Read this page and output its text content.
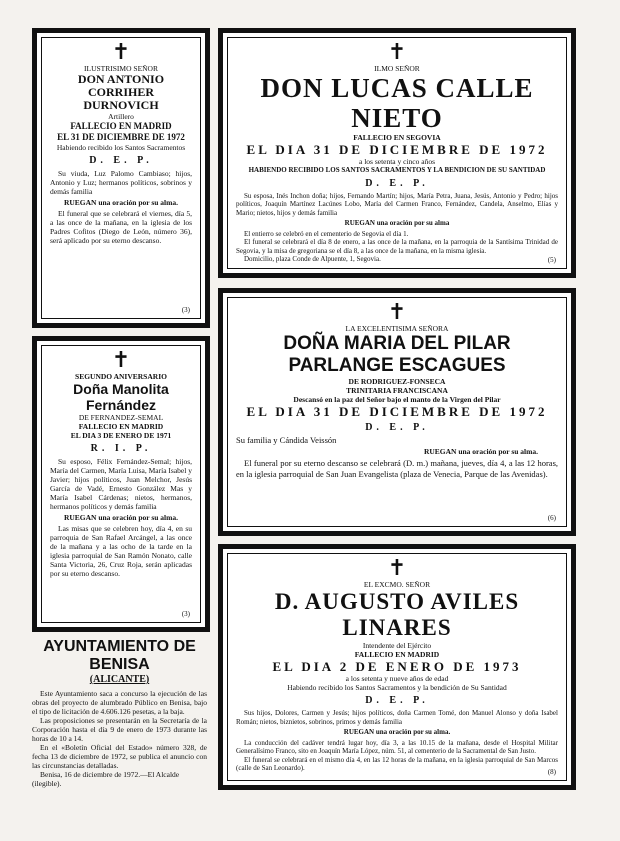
✝

ILUSTRISIMO SEÑOR

DON ANTONIO CORRIHER DURNOVICH

Artillero

FALLECIO EN MADRID

EL 31 DE DICIEMBRE DE 1972

Habiendo recibido los Santos Sacramentos

D. E. P.

Su viuda, Luz Palomo Cambiaso; hijos, Antonio y Luz; hermanos políticos, sobrinos y demás familia

RUEGAN una oración por su alma.

El funeral que se celebrará el viernes, día 5, a las once de la mañana, en la iglesia de los Padres Cofitos (Diego de León, número 36), será aplicado por su eterno descanso.

(3)
✝

ILMO SEÑOR

DON LUCAS CALLE NIETO

FALLECIO EN SEGOVIA

EL DIA 31 DE DICIEMBRE DE 1972

a los setenta y cinco años

HABIENDO RECIBIDO LOS SANTOS SACRAMENTOS Y LA BENDICION DE SU SANTIDAD

D. E. P.

Su esposa, Inés Inchon doña; hijos, Fernando Martín; hijos, María Petra, Juana, Jesús, Antonio y Pedro; hijos políticos, Joaquín Martínez Lacúnes Lobo, María del Carmen Franco, Fernández, Candela, Anselmo, Elías y Mario; nietos, hijos y demás familia

RUEGAN una oración por su alma

El entierro se celebró en el cementerio de Segovia el día 1.

El funeral se celebrará el día 8 de enero, a las once de la mañana, en la parroquia de la Santísima Trinidad de Segovia, y la misa de gregoriana se el día 8, a las once de la mañana, en la misma iglesia.

Domicilio, plaza Conde de Alpuente, 1, Segovia.	(5)
✝

SEGUNDO ANIVERSARIO

Doña Manolita Fernández

DE FERNANDEZ-SEMAL

FALLECIO EN MADRID

EL DIA 3 DE ENERO DE 1971

R. I. P.

Su esposo, Félix Fernández-Semal; hijos, María del Carmen, María Luisa, María Isabel y Javier; hijos políticos, Juan Melchor, Jesús García de Vadé, Ernesto González Mas y María Isabel Cárdenas; nietos, hermanos, hermanos políticos y demás familia

RUEGAN una oración por su alma.

Las misas que se celebren hoy, día 4, en su parroquia de San Rafael Arcángel, a las once de la mañana y a las ocho de la tarde en la iglesia parroquial de San Ramón Nonato, calle Santa Victoria, 26, Cruz Roja, serán aplicadas por su eterno descanso.

(3)
✝

LA EXCELENTISIMA SEÑORA

DOÑA MARIA DEL PILAR PARLANGE ESCAGUES

DE RODRIGUEZ-FONSECA

TRINITARIA FRANCISCANA

Descansó en la paz del Señor bajo el manto de la Virgen del Pilar

EL DIA 31 DE DICIEMBRE DE 1972

D. E. P.

Su familia y Cándida Veissón

RUEGAN una oración por su alma.

El funeral por su eterno descanso se celebrará (D. m.) mañana, jueves, día 4, a las 12 horas, en la iglesia parroquial de San Juan Evangelista (plaza de Venecia, Parque de las Avenidas).

(6)
✝

EL EXCMO. SEÑOR

D. AUGUSTO AVILES LINARES

Intendente del Ejército

FALLECIO EN MADRID

EL DIA 2 DE ENERO DE 1973

a los setenta y nueve años de edad

Habiendo recibido los Santos Sacramentos y la bendición de Su Santidad

D. E. P.

Sus hijos, Dolores, Carmen y Jesús; hijos políticos, doña Carmen Tomé, don Manuel Alonso y doña Isabel Román; nietos, biznietos, sobrinos, primos y demás familia

RUEGAN una oración por su alma.

La conducción del cadáver tendrá lugar hoy, día 3, a las 10.15 de la mañana, desde el Hospital Militar Generalísimo Franco, sito en Joaquín María López, núm. 51, al cementerio de la Sacramental de San Justo.

El funeral se celebrará en el mismo día 4, en las 12 horas de la mañana, en la iglesia parroquial de San Marcos (calle de San Leonardo).	(8)
AYUNTAMIENTO DE BENISA
(ALICANTE)

Este Ayuntamiento saca a concurso la ejecución de las obras del proyecto de alumbrado Público en Benisa, bajo el tipo de licitación de 4.606.126 pesetas, a la baja.

Las proposiciones se presentarán en la Secretaría de la Corporación hasta el día 9 de enero de 1973 durante las horas de 10 a 14.

En el «Boletín Oficial del Estado» número 328, de fecha 13 de diciembre de 1972, se publica el anuncio con las circunstancias detalladas.

Benisa, 16 de diciembre de 1972.—El Alcalde (ilegible).
